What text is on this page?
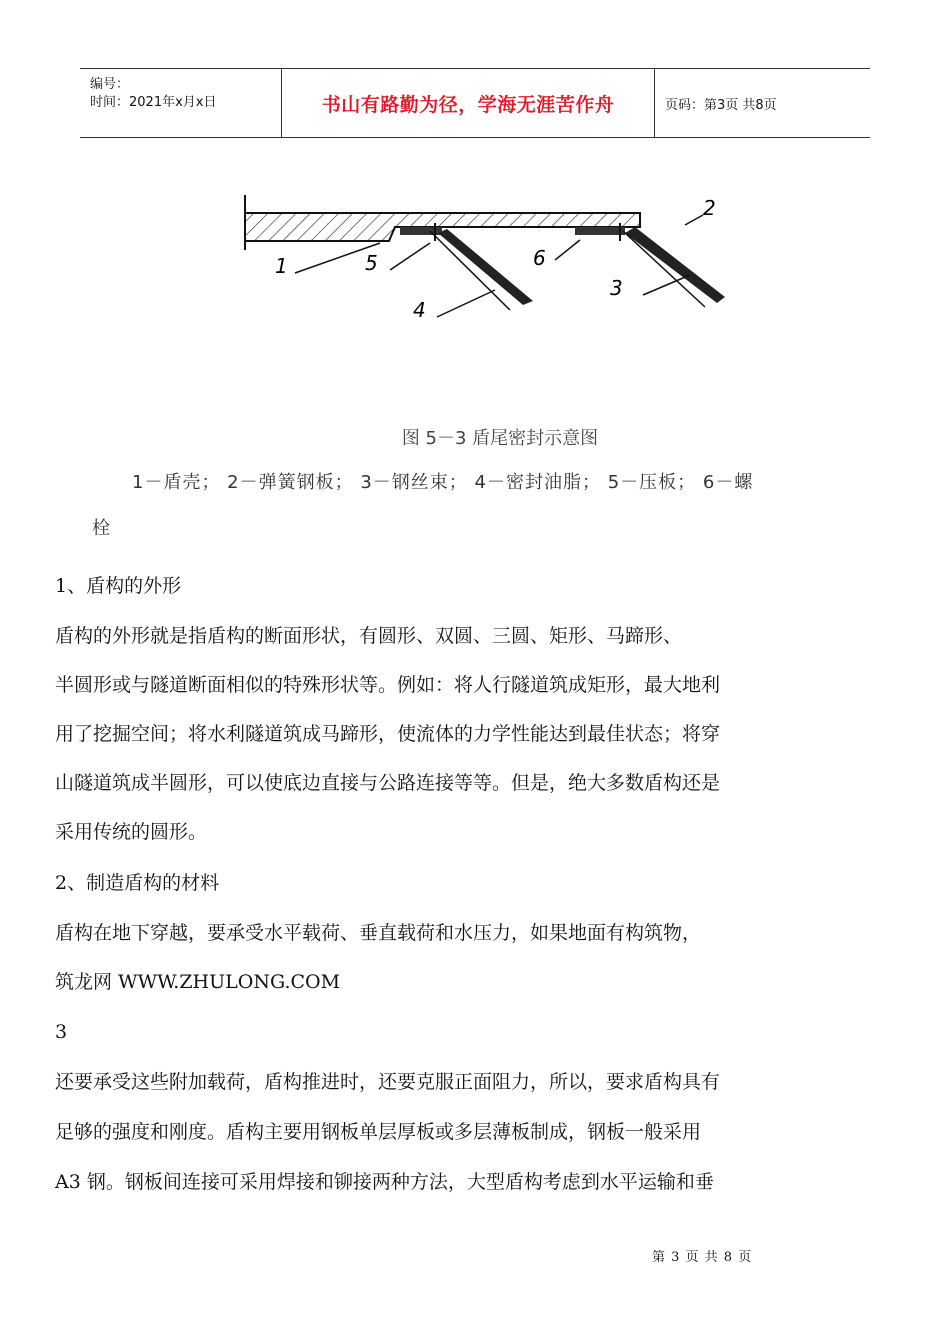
编号：
时间：2021年x月x日	书山有路勤为径，学海无涯苦作舟	页码：第3页 共8页
1
2
3
4
5	6
图 5－3 盾尾密封示意图
1－盾壳； 2－弹簧钢板； 3－钢丝束； 4－密封油脂； 5－压板； 6－螺
栓
1、盾构的外形
盾构的外形就是指盾构的断面形状，有圆形、双圆、三圆、矩形、马蹄形、
半圆形或与隧道断面相似的特殊形状等。例如：将人行隧道筑成矩形，最大地利
用了挖掘空间；将水利隧道筑成马蹄形，使流体的力学性能达到最佳状态；将穿
山隧道筑成半圆形，可以使底边直接与公路连接等等。但是，绝大多数盾构还是
采用传统的圆形。
2、制造盾构的材料
盾构在地下穿越，要承受水平载荷、垂直载荷和水压力，如果地面有构筑物，
筑龙网 WWW.ZHULONG.COM
3
还要承受这些附加载荷，盾构推进时，还要克服正面阻力，所以，要求盾构具有
足够的强度和刚度。盾构主要用钢板单层厚板或多层薄板制成，钢板一般采用
A3 钢。钢板间连接可采用焊接和铆接两种方法，大型盾构考虑到水平运输和垂
第 3 页 共 8 页
